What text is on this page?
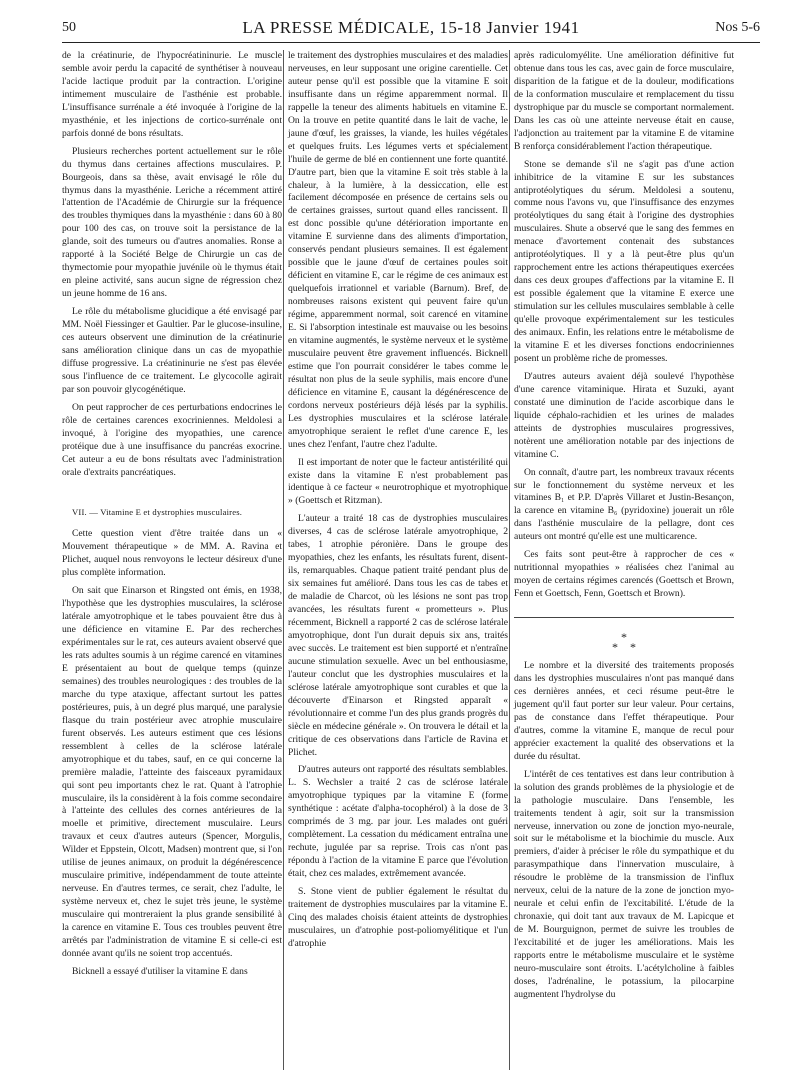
50	LA PRESSE MÉDICALE, 15-18 Janvier 1941	Nos 5-6

de la créatinurie, de l'hypocréatininurie. Le muscle semble avoir perdu la capacité de synthétiser à nouveau l'acide lactique produit par la contraction. L'origine intimement musculaire de l'asthénie est probable. L'insuffisance surrénale a été invoquée à l'origine de la myasthénie, et les injections de cortico-surrénale ont parfois donné de bons résultats.

Plusieurs recherches portent actuellement sur le rôle du thymus dans certaines affections musculaires. P. Bourgeois, dans sa thèse, avait envisagé le rôle du thymus dans la myasthénie. Leriche a récemment attiré l'attention de l'Académie de Chirurgie sur la fréquence des troubles thymiques dans la myasthénie : dans 60 à 80 pour 100 des cas, on trouve soit la persistance de la glande, soit des tumeurs ou d'autres anomalies. Ronse a rapporté à la Société Belge de Chirurgie un cas de thymectomie pour myopathie juvénile où le thymus était en pleine activité, sans aucun signe de régression chez un jeune homme de 16 ans.

Le rôle du métabolisme glucidique a été envisagé par MM. Noël Fiessinger et Gaultier. Par le glucose-insuline, ces auteurs observent une diminution de la créatinurie sans amélioration clinique dans un cas de myopathie diffuse progressive. La créatininurie ne s'est pas élevée sous l'influence de ce traitement. Le glycocolle agirait par son pouvoir glycogénétique.

On peut rapprocher de ces perturbations endocrines le rôle de certaines carences exocriniennes. Meldolesi a invoqué, à l'origine des myopathies, une carence protéique due à une insuffisance du pancréas exocrine. Cet auteur a eu de bons résultats avec l'administration orale d'extraits pancréatiques.

VII. — Vitamine E et dystrophies musculaires.

Cette question vient d'être traitée dans un « Mouvement thérapeutique » de MM. A. Ravina et Plichet, auquel nous renvoyons le lecteur désireux d'une plus complète information.

On sait que Einarson et Ringsted ont émis, en 1938, l'hypothèse que les dystrophies musculaires, la sclérose latérale amyotrophique et le tabes pouvaient être dus à une déficience en vitamine E. Par des recherches expérimentales sur le rat, ces auteurs avaient observé que les rats adultes soumis à un régime carencé en vitamines E présentaient au bout de quelque temps (quinze semaines) des troubles neurologiques : des troubles de la marche du type ataxique, affectant surtout les pattes postérieures, puis, à un degré plus marqué, une paralysie flasque du train postérieur avec atrophie musculaire furent observés. Les auteurs estiment que ces lésions ressemblent à celles de la sclérose latérale amyotrophique et du tabes, sauf, en ce qui concerne la première maladie, l'atteinte des faisceaux pyramidaux qui sont peu importants chez le rat. Quant à l'atrophie musculaire, ils la considèrent à la fois comme secondaire à l'atteinte des cellules des cornes antérieures de la moelle et primitive, directement musculaire. Leurs travaux et ceux d'autres auteurs (Spencer, Morgulis, Wilder et Eppstein, Olcott, Madsen) montrent que, si l'on utilise de jeunes animaux, on produit la dégénérescence musculaire primitive, indépendamment de toute atteinte nerveuse. En d'autres termes, ce serait, chez l'adulte, le système nerveux et, chez le sujet très jeune, le système musculaire qui montreraient la plus grande sensibilité à la carence en vitamine E. Tous ces troubles peuvent être arrêtés par l'administration de vitamine E si celle-ci est donnée avant qu'ils ne soient trop accentués.

Bicknell a essayé d'utiliser la vitamine E dans

le traitement des dystrophies musculaires et des maladies nerveuses, en leur supposant une origine carentielle. Cet auteur pense qu'il est possible que la vitamine E soit insuffisante dans un régime apparemment normal. Il rappelle la teneur des aliments habituels en vitamine E. On la trouve en petite quantité dans le lait de vache, le jaune d'œuf, les graisses, la viande, les huiles végétales et quelques fruits. Les légumes verts et spécialement l'huile de germe de blé en contiennent une forte quantité. D'autre part, bien que la vitamine E soit très stable à la chaleur, à la lumière, à la dessiccation, elle est facilement décomposée en présence de certains sels ou de certaines graisses, surtout quand elles rancissent. Il est donc possible qu'une détérioration importante en vitamine E survienne dans des aliments d'importation, conservés pendant plusieurs semaines. Il est également possible que le jaune d'œuf de certaines poules soit déficient en vitamine E, car le régime de ces animaux est quelquefois irrationnel et variable (Barnum). Bref, de nombreuses raisons existent qui peuvent faire qu'un régime, apparemment normal, soit carencé en vitamine E. Si l'absorption intestinale est mauvaise ou les besoins en vitamine augmentés, le système nerveux et le système musculaire peuvent être gravement influencés. Bicknell estime que l'on pourrait considérer le tabes comme le résultat non plus de la seule syphilis, mais encore d'une déficience en vitamine E, causant la dégénérescence de cordons nerveux postérieurs déjà lésés par la syphilis. Les dystrophies musculaires et la sclérose latérale amyotrophique seraient le reflet d'une carence E, les unes chez l'enfant, l'autre chez l'adulte.

Il est important de noter que le facteur antistérilité qui existe dans la vitamine E n'est probablement pas identique à ce facteur « neurotrophique et myotrophique » (Goettsch et Ritzman).

L'auteur a traité 18 cas de dystrophies musculaires diverses, 4 cas de sclérose latérale amyotrophique, 2 tabes, 1 atrophie péronière. Dans le groupe des myopathies, chez les enfants, les résultats furent, disent-ils, remarquables. Chaque patient traité pendant plus de six semaines fut amélioré. Dans tous les cas de tabes et de maladie de Charcot, où les lésions ne sont pas trop avancées, les résultats furent « prometteurs ». Plus récemment, Bicknell a rapporté 2 cas de sclérose latérale amyotrophique, dont l'un durait depuis six ans, traités avec succès. Le traitement est bien supporté et n'entraîne aucune stimulation sexuelle. Avec un bel enthousiasme, l'auteur conclut que les dystrophies musculaires et la sclérose latérale amyotrophique sont curables et que la découverte d'Einarson et Ringsted apparaît « révolutionnaire et comme l'un des plus grands progrès du siècle en médecine générale ». On trouvera le détail et la critique de ces observations dans l'article de Ravina et Plichet.

D'autres auteurs ont rapporté des résultats semblables. L. S. Wechsler a traité 2 cas de sclérose latérale amyotrophique typiques par la vitamine E (forme synthétique : acétate d'alpha-tocophérol) à la dose de 3 comprimés de 3 mg. par jour. Les malades ont guéri complètement. La cessation du médicament entraîna une rechute, jugulée par sa reprise. Trois cas n'ont pas répondu à l'action de la vitamine E parce que l'évolution était, chez ces malades, extrêmement avancée.

S. Stone vient de publier également le résultat du traitement de dystrophies musculaires par la vitamine E. Cinq des malades choisis étaient atteints de dystrophies musculaires, un d'atrophie post-poliomyélitique et l'un d'atrophie

après radiculomyélite. Une amélioration définitive fut obtenue dans tous les cas, avec gain de force musculaire, disparition de la fatigue et de la douleur, modifications de la conformation musculaire et remplacement du tissu dystrophique par du muscle se comportant normalement. Dans les cas où une atteinte nerveuse était en cause, l'adjonction au traitement par la vitamine E de vitamine B renforça considérablement l'action thérapeutique.

Stone se demande s'il ne s'agit pas d'une action inhibitrice de la vitamine E sur les substances antiprotéolytiques du sérum. Meldolesi a soutenu, comme nous l'avons vu, que l'insuffisance des enzymes protéolytiques du sang était à l'origine des dystrophies musculaires. Shute a observé que le sang des femmes en menace d'avortement contenait des substances antiprotéolytiques. Il y a là peut-être plus qu'un rapprochement entre les actions thérapeutiques exercées dans ces deux groupes d'affections par la vitamine E. Il est possible également que la vitamine E exerce une stimulation sur les cellules musculaires semblable à celle qu'elle provoque expérimentalement sur les testicules des animaux. Enfin, les relations entre le métabolisme de la vitamine E et les diverses fonctions endocriniennes posent un problème riche de promesses.

D'autres auteurs avaient déjà soulevé l'hypothèse d'une carence vitaminique. Hirata et Suzuki, ayant constaté une diminution de l'acide ascorbique dans le liquide céphalo-rachidien et les urines de malades atteints de dystrophies musculaires progressives, notèrent une amélioration notable par des injections de vitamine C.

On connaît, d'autre part, les nombreux travaux récents sur le fonctionnement du système nerveux et les vitamines B₁ et P.P. D'après Villaret et Justin-Besançon, la carence en vitamine B₆ (pyridoxine) jouerait un rôle dans l'asthénie musculaire de la pellagre, dont ces auteurs ont montré qu'elle est une multicarence.

Ces faits sont peut-être à rapprocher de ces « nutritionnal myopathies » réalisées chez l'animal au moyen de certains régimes carencés (Goettsch et Brown, Fenn et Goettsch, Fenn, Goettsch et Brown).

*
* *

Le nombre et la diversité des traitements proposés dans les dystrophies musculaires n'ont pas manqué dans ces dernières années, et ceci résume peut-être le jugement qu'il faut porter sur leur valeur. Pour certains, pas de constance dans l'effet thérapeutique. Pour d'autres, comme la vitamine E, manque de recul pour apprécier exactement la qualité des observations et la durée du résultat.

L'intérêt de ces tentatives est dans leur contribution à la solution des grands problèmes de la physiologie et de la pathologie musculaire. Dans l'ensemble, les traitements tendent à agir, soit sur la transmission nerveuse, innervation ou zone de jonction myo-neurale, soit sur le métabolisme et la biochimie du muscle. Aux premiers, d'aider à préciser le rôle du sympathique et du parasympathique dans l'innervation musculaire, à résoudre le problème de la transmission de l'influx nerveux, celui de la nature de la zone de jonction myo-neurale et celui enfin de l'excitabilité. L'étude de la chronaxie, qui doit tant aux travaux de M. Lapicque et de M. Bourguignon, permet de suivre les troubles de l'excitabilité et de juger les améliorations. Mais les rapports entre le métabolisme musculaire et le système neuro-musculaire sont étroits. L'acétylcholine à faibles doses, l'adrénaline, le potassium, la pilocarpine augmentent l'hydrolyse du
